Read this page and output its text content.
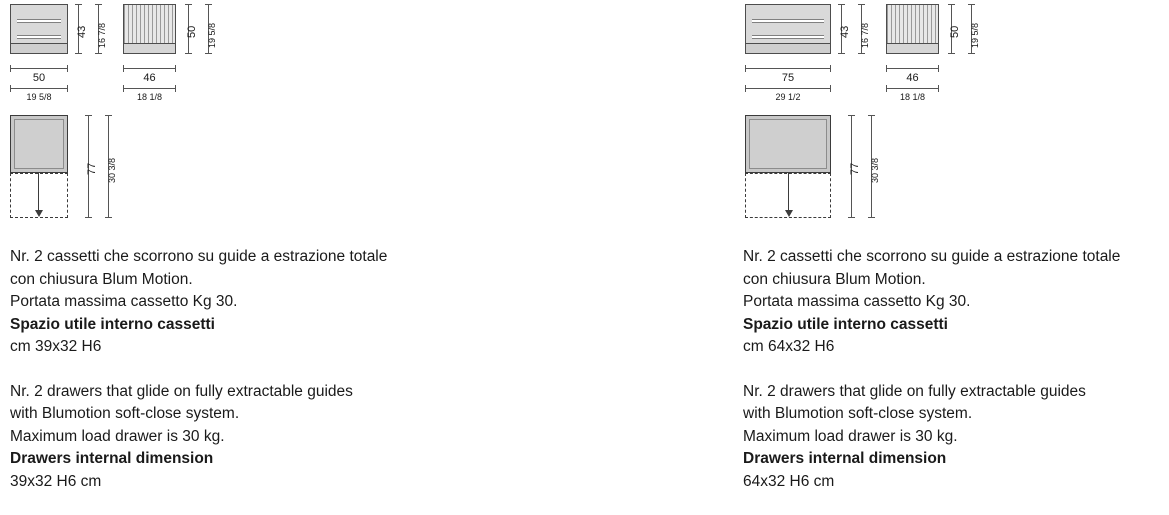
43 16 7/8
50
19 5/8
50 19 5/8
46
18 1/8
77 30 3/8

Nr. 2 cassetti che scorrono su guide a estrazione totale

con chiusura Blum Motion.

Portata massima cassetto Kg 30.

Spazio utile interno cassetti

cm 39x32 H6

Nr. 2 drawers that glide on fully extractable guides

with Blumotion soft-close system.

Maximum load drawer is 30 kg.

Drawers internal dimension

39x32 H6 cm

43 16 7/8
75
29 1/2
50 19 5/8
46
18 1/8
77 30 3/8

Nr. 2 cassetti che scorrono su guide a estrazione totale

con chiusura Blum Motion.

Portata massima cassetto Kg 30.

Spazio utile interno cassetti

cm 64x32 H6

Nr. 2 drawers that glide on fully extractable guides

with Blumotion soft-close system.

Maximum load drawer is 30 kg.

Drawers internal dimension

64x32 H6 cm
